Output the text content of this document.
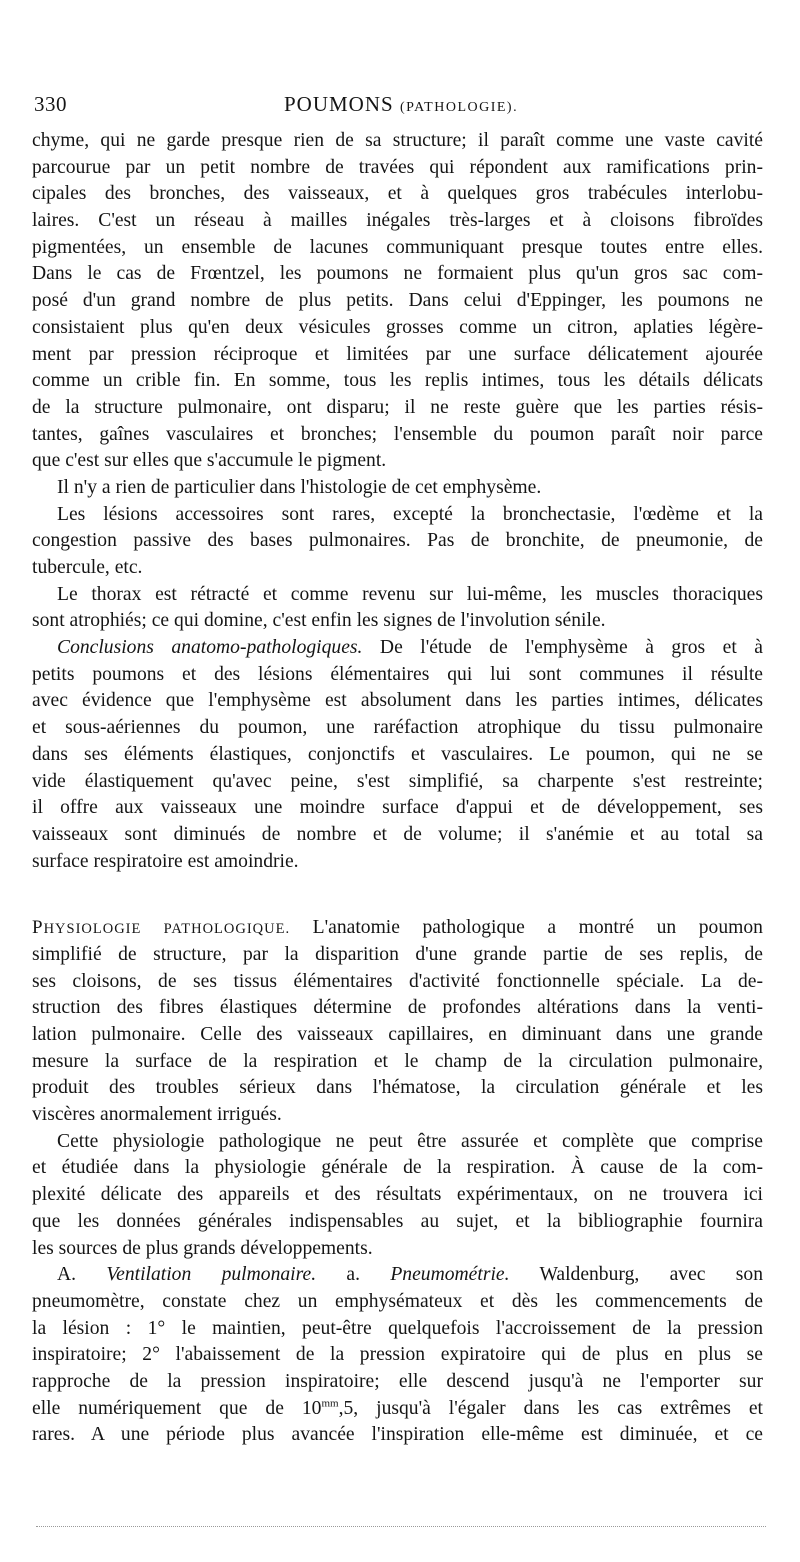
330	POUMONS (PATHOLOGIE).
chyme, qui ne garde presque rien de sa structure; il paraît comme une vaste cavité
parcourue par un petit nombre de travées qui répondent aux ramifications prin-
cipales des bronches, des vaisseaux, et à quelques gros trabécules interlobu-
laires. C'est un réseau à mailles inégales très-larges et à cloisons fibroïdes
pigmentées, un ensemble de lacunes communiquant presque toutes entre elles.
Dans le cas de Frœntzel, les poumons ne formaient plus qu'un gros sac com-
posé d'un grand nombre de plus petits. Dans celui d'Eppinger, les poumons ne
consistaient plus qu'en deux vésicules grosses comme un citron, aplaties légère-
ment par pression réciproque et limitées par une surface délicatement ajourée
comme un crible fin. En somme, tous les replis intimes, tous les détails délicats
de la structure pulmonaire, ont disparu; il ne reste guère que les parties résis-
tantes, gaînes vasculaires et bronches; l'ensemble du poumon paraît noir parce
que c'est sur elles que s'accumule le pigment.
Il n'y a rien de particulier dans l'histologie de cet emphysème.
Les lésions accessoires sont rares, excepté la bronchectasie, l'œdème et la
congestion passive des bases pulmonaires. Pas de bronchite, de pneumonie, de
tubercule, etc.
Le thorax est rétracté et comme revenu sur lui-même, les muscles thoraciques
sont atrophiés; ce qui domine, c'est enfin les signes de l'involution sénile.
Conclusions anatomo-pathologiques. De l'étude de l'emphysème à gros et à
petits poumons et des lésions élémentaires qui lui sont communes il résulte
avec évidence que l'emphysème est absolument dans les parties intimes, délicates
et sous-aériennes du poumon, une raréfaction atrophique du tissu pulmonaire
dans ses éléments élastiques, conjonctifs et vasculaires. Le poumon, qui ne se
vide élastiquement qu'avec peine, s'est simplifié, sa charpente s'est restreinte;
il offre aux vaisseaux une moindre surface d'appui et de développement, ses
vaisseaux sont diminués de nombre et de volume; il s'anémie et au total sa
surface respiratoire est amoindrie.
PHYSIOLOGIE PATHOLOGIQUE. L'anatomie pathologique a montré un poumon
simplifié de structure, par la disparition d'une grande partie de ses replis, de
ses cloisons, de ses tissus élémentaires d'activité fonctionnelle spéciale. La de-
struction des fibres élastiques détermine de profondes altérations dans la venti-
lation pulmonaire. Celle des vaisseaux capillaires, en diminuant dans une grande
mesure la surface de la respiration et le champ de la circulation pulmonaire,
produit des troubles sérieux dans l'hématose, la circulation générale et les
viscères anormalement irrigués.
Cette physiologie pathologique ne peut être assurée et complète que comprise
et étudiée dans la physiologie générale de la respiration. À cause de la com-
plexité délicate des appareils et des résultats expérimentaux, on ne trouvera ici
que les données générales indispensables au sujet, et la bibliographie fournira
les sources de plus grands développements.
A. Ventilation pulmonaire. a. Pneumométrie. Waldenburg, avec son
pneumomètre, constate chez un emphysémateux et dès les commencements de
la lésion : 1° le maintien, peut-être quelquefois l'accroissement de la pression
inspiratoire; 2° l'abaissement de la pression expiratoire qui de plus en plus se
rapproche de la pression inspiratoire; elle descend jusqu'à ne l'emporter sur
elle numériquement que de $10^{mm},5$, jusqu'à l'égaler dans les cas extrêmes et
rares. A une période plus avancée l'inspiration elle-même est diminuée, et ce
